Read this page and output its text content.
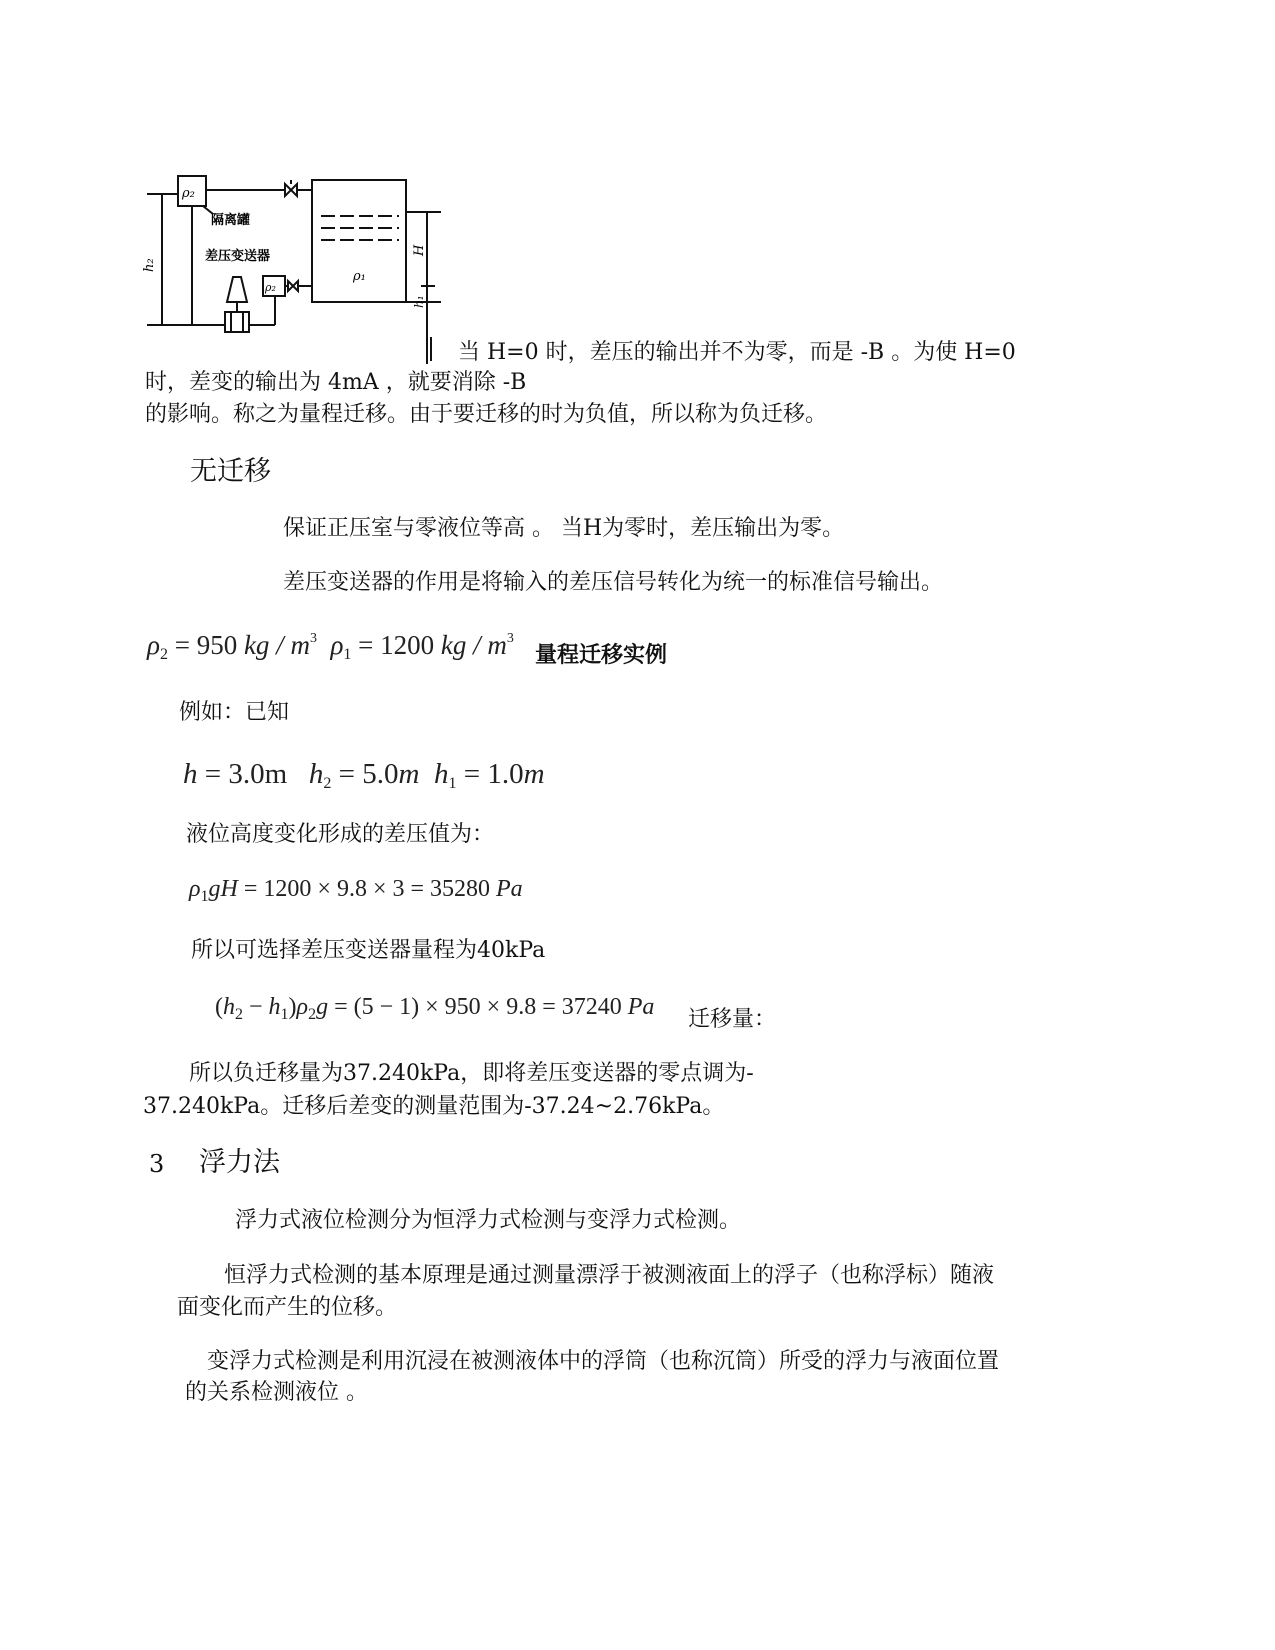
ρ₂
隔离罐
差压变送器
ρ₂
ρ₁
h₂
H
h₁
当 H=0 时，差压的输出并不为零，而是 -B 。为使 H=0
时，差变的输出为 4mA ，就要消除 -B
的影响。称之为量程迁移。由于要迁移的时为负值，所以称为负迁移。
无迁移
保证正压室与零液位等高 。 当H为零时，差压输出为零。
差压变送器的作用是将输入的差压信号转化为统一的标准信号输出。
$\rho_2 = 950$ kg / $m^3$ $\rho_1 = 1200$ kg / $m^3$
量程迁移实例
例如：已知
h = 3.0m $h_2 = 5.0m$ $h_1 = 1.0m$
液位高度变化形成的差压值为：
$\rho_1gH = 1200 \times 9.8 \times 3 = 35280$ Pa
所以可选择差压变送器量程为40kPa
$(h_2 - h_1)\rho_2g = (5 - 1) \times 950 \times 9.8 = 37240$ Pa 迁移量：
所以负迁移量为37.240kPa，即将差压变送器的零点调为-
37.240kPa。迁移后差变的测量范围为-37.24~2.76kPa。
3 浮力法
浮力式液位检测分为恒浮力式检测与变浮力式检测。
恒浮力式检测的基本原理是通过测量漂浮于被测液面上的浮子（也称浮标）随液
面变化而产生的位移。
变浮力式检测是利用沉浸在被测液体中的浮筒（也称沉筒）所受的浮力与液面位置
的关系检测液位 。
